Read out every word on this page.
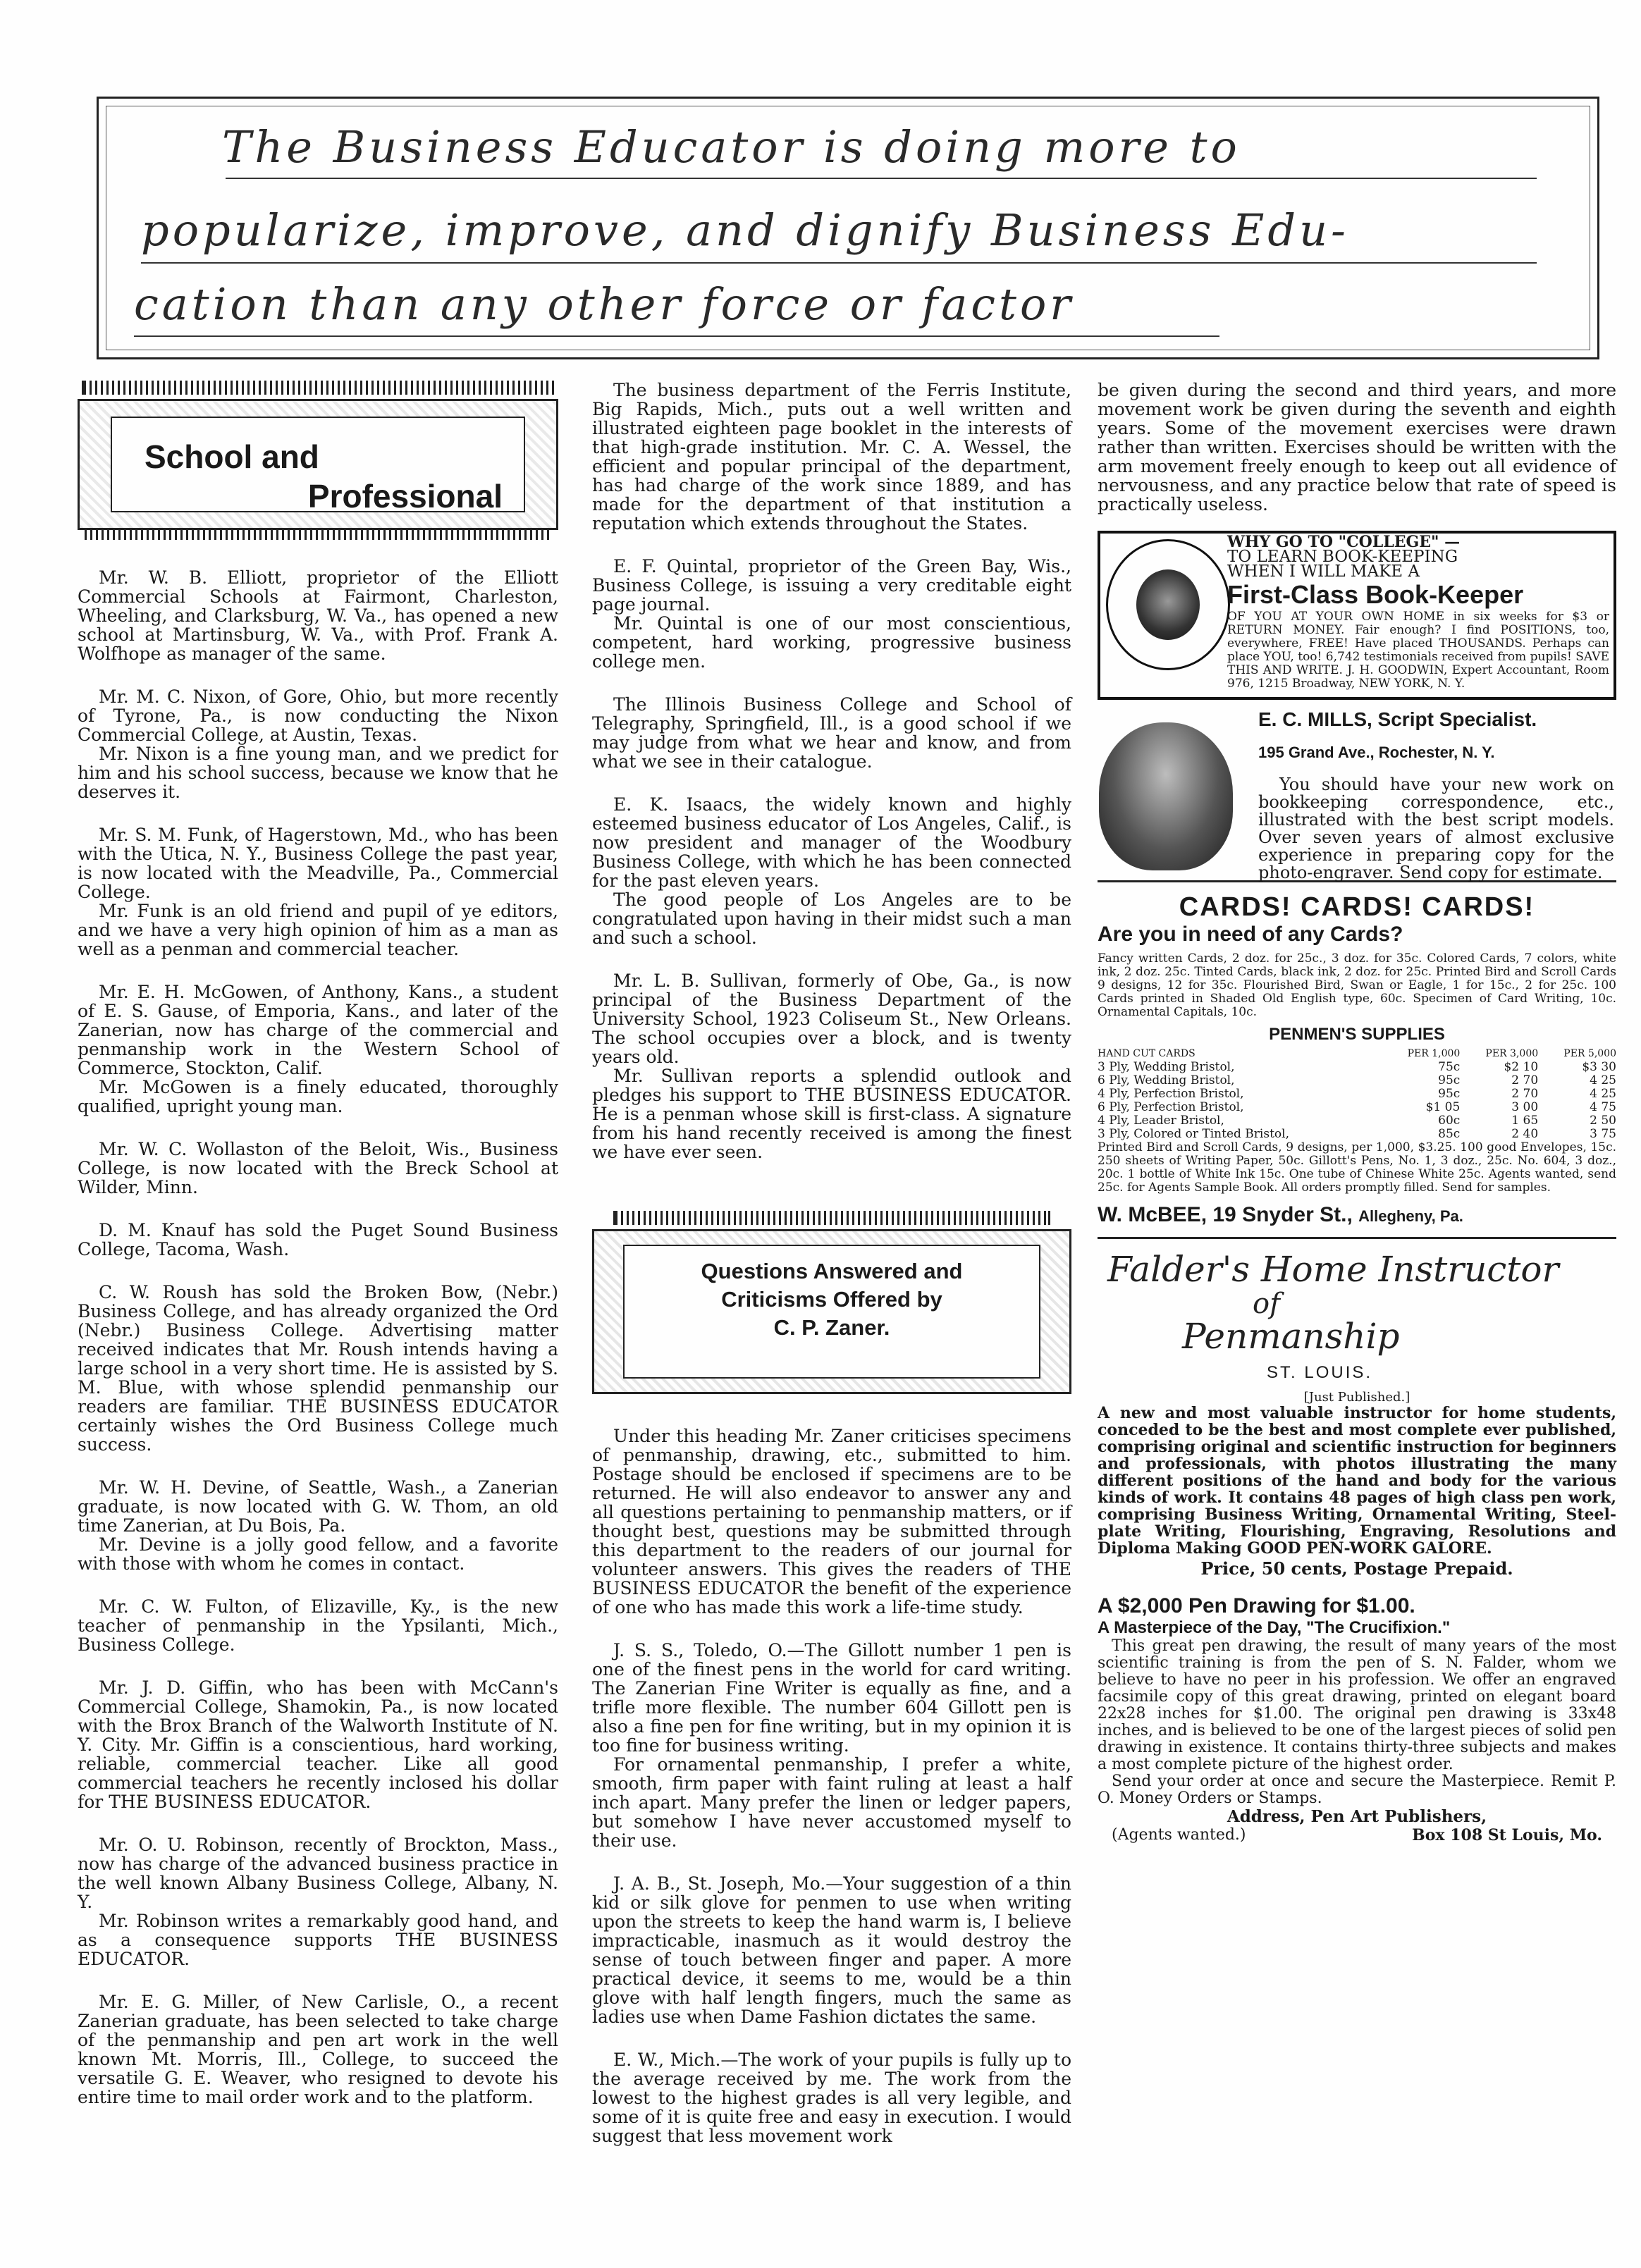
The Business Educator is doing more to
popularize, improve, and dignify Business Edu-
cation than any other force or factor
School and
Professional

Mr. W. B. Elliott, proprietor of the Elliott Commercial Schools at Fairmont, Charleston, Wheeling, and Clarksburg, W. Va., has opened a new school at Martinsburg, W. Va., with Prof. Frank A. Wolfhope as manager of the same.

Mr. M. C. Nixon, of Gore, Ohio, but more recently of Tyrone, Pa., is now conducting the Nixon Commercial College, at Austin, Texas.

Mr. Nixon is a fine young man, and we predict for him and his school success, because we know that he deserves it.

Mr. S. M. Funk, of Hagerstown, Md., who has been with the Utica, N. Y., Business College the past year, is now located with the Meadville, Pa., Commercial College.

Mr. Funk is an old friend and pupil of ye editors, and we have a very high opinion of him as a man as well as a penman and commercial teacher.

Mr. E. H. McGowen, of Anthony, Kans., a student of E. S. Gause, of Emporia, Kans., and later of the Zanerian, now has charge of the commercial and penmanship work in the Western School of Commerce, Stockton, Calif.

Mr. McGowen is a finely educated, thoroughly qualified, upright young man.

Mr. W. C. Wollaston of the Beloit, Wis., Business College, is now located with the Breck School at Wilder, Minn.

D. M. Knauf has sold the Puget Sound Business College, Tacoma, Wash.

C. W. Roush has sold the Broken Bow, (Nebr.) Business College, and has already organized the Ord (Nebr.) Business College. Advertising matter received indicates that Mr. Roush intends having a large school in a very short time. He is assisted by S. M. Blue, with whose splendid penmanship our readers are familiar. THE BUSINESS EDUCATOR certainly wishes the Ord Business College much success.

Mr. W. H. Devine, of Seattle, Wash., a Zanerian graduate, is now located with G. W. Thom, an old time Zanerian, at Du Bois, Pa.

Mr. Devine is a jolly good fellow, and a favorite with those with whom he comes in contact.

Mr. C. W. Fulton, of Elizaville, Ky., is the new teacher of penmanship in the Ypsilanti, Mich., Business College.

Mr. J. D. Giffin, who has been with McCann's Commercial College, Shamokin, Pa., is now located with the Brox Branch of the Walworth Institute of N. Y. City. Mr. Giffin is a conscientious, hard working, reliable, commercial teacher. Like all good commercial teachers he recently inclosed his dollar for THE BUSINESS EDUCATOR.

Mr. O. U. Robinson, recently of Brockton, Mass., now has charge of the advanced business practice in the well known Albany Business College, Albany, N. Y.

Mr. Robinson writes a remarkably good hand, and as a consequence supports THE BUSINESS EDUCATOR.

Mr. E. G. Miller, of New Carlisle, O., a recent Zanerian graduate, has been selected to take charge of the penmanship and pen art work in the well known Mt. Morris, Ill., College, to succeed the versatile G. E. Weaver, who resigned to devote his entire time to mail order work and to the platform.

The business department of the Ferris Institute, Big Rapids, Mich., puts out a well written and illustrated eighteen page booklet in the interests of that high-grade institution. Mr. C. A. Wessel, the efficient and popular principal of the department, has had charge of the work since 1889, and has made for the department of that institution a reputation which extends throughout the States.

E. F. Quintal, proprietor of the Green Bay, Wis., Business College, is issuing a very creditable eight page journal.

Mr. Quintal is one of our most conscientious, competent, hard working, progressive business college men.

The Illinois Business College and School of Telegraphy, Springfield, Ill., is a good school if we may judge from what we hear and know, and from what we see in their catalogue.

E. K. Isaacs, the widely known and highly esteemed business educator of Los Angeles, Calif., is now president and manager of the Woodbury Business College, with which he has been connected for the past eleven years.

The good people of Los Angeles are to be congratulated upon having in their midst such a man and such a school.

Mr. L. B. Sullivan, formerly of Obe, Ga., is now principal of the Business Department of the University School, 1923 Coliseum St., New Orleans. The school occupies over a block, and is twenty years old.

Mr. Sullivan reports a splendid outlook and pledges his support to THE BUSINESS EDUCATOR. He is a penman whose skill is first-class. A signature from his hand recently received is among the finest we have ever seen.

Questions Answered and
Criticisms Offered by
C. P. Zaner.

Under this heading Mr. Zaner criticises specimens of penmanship, drawing, etc., submitted to him. Postage should be enclosed if specimens are to be returned. He will also endeavor to answer any and all questions pertaining to penmanship matters, or if thought best, questions may be submitted through this department to the readers of our journal for volunteer answers. This gives the readers of THE BUSINESS EDUCATOR the benefit of the experience of one who has made this work a life-time study.

J. S. S., Toledo, O.—The Gillott number 1 pen is one of the finest pens in the world for card writing. The Zanerian Fine Writer is equally as fine, and a trifle more flexible. The number 604 Gillott pen is also a fine pen for fine writing, but in my opinion it is too fine for business writing.

For ornamental penmanship, I prefer a white, smooth, firm paper with faint ruling at least a half inch apart. Many prefer the linen or ledger papers, but somehow I have never accustomed myself to their use.

J. A. B., St. Joseph, Mo.—Your suggestion of a thin kid or silk glove for penmen to use when writing upon the streets to keep the hand warm is, I believe impracticable, inasmuch as it would destroy the sense of touch between finger and paper. A more practical device, it seems to me, would be a thin glove with half length fingers, much the same as ladies use when Dame Fashion dictates the same.

E. W., Mich.—The work of your pupils is fully up to the average received by me. The work from the lowest to the highest grades is all very legible, and some of it is quite free and easy in execution. I would suggest that less movement work

be given during the second and third years, and more movement work be given during the seventh and eighth years. Some of the movement exercises were drawn rather than written. Exercises should be written with the arm movement freely enough to keep out all evidence of nervousness, and any practice below that rate of speed is practically useless.

WHY GO TO "COLLEGE" —
TO LEARN BOOK-KEEPING
WHEN I WILL MAKE A
First-Class Book-Keeper
OF YOU AT YOUR OWN HOME in six weeks for $3 or RETURN MONEY. Fair enough? I find POSITIONS, too, everywhere, FREE! Have placed THOUSANDS. Perhaps can place YOU, too! 6,742 testimonials received from pupils! SAVE THIS AND WRITE. J. H. GOODWIN, Expert Accountant, Room 976, 1215 Broadway, NEW YORK, N. Y.
E. C. MILLS, Script Specialist.
195 Grand Ave., Rochester, N. Y.
You should have your new work on bookkeeping correspondence, etc., illustrated with the best script models. Over seven years of almost exclusive experience in preparing copy for the photo-engraver. Send copy for estimate.
CARDS! CARDS! CARDS!
Are you in need of any Cards?
Fancy written Cards, 2 doz. for 25c., 3 doz. for 35c. Colored Cards, 7 colors, white ink, 2 doz. 25c. Tinted Cards, black ink, 2 doz. for 25c. Printed Bird and Scroll Cards 9 designs, 12 for 35c. Flourished Bird, Swan or Eagle, 1 for 15c., 2 for 25c. 100 Cards printed in Shaded Old English type, 60c. Specimen of Card Writing, 10c. Ornamental Capitals, 10c.
PENMEN'S SUPPLIES
HAND CUT CARDS	PER 1,000	PER 3,000	PER 5,000
3 Ply, Wedding Bristol,	75c	$2 10	$3 30
6 Ply, Wedding Bristol,	95c	2 70	4 25
4 Ply, Perfection Bristol,	95c	2 70	4 25
6 Ply, Perfection Bristol,	$1 05	3 00	4 75
4 Ply, Leader Bristol,	60c	1 65	2 50
3 Ply, Colored or Tinted Bristol,	85c	2 40	3 75
Printed Bird and Scroll Cards, 9 designs, per 1,000, $3.25. 100 good Envelopes, 15c. 250 sheets of Writing Paper, 50c. Gillott's Pens, No. 1, 3 doz., 25c. No. 604, 3 doz., 20c. 1 bottle of White Ink 15c. One tube of Chinese White 25c. Agents wanted, send 25c. for Agents Sample Book. All orders promptly filled. Send for samples.
W. McBEE, 19 Snyder St., Allegheny, Pa.
Falder's Home Instructor
of
Penmanship
ST. LOUIS.
[Just Published.]
A new and most valuable instructor for home students, conceded to be the best and most complete ever published, comprising original and scientific instruction for beginners and professionals, with photos illustrating the many different positions of the hand and body for the various kinds of work. It contains 48 pages of high class pen work, comprising Business Writing, Ornamental Writing, Steel-plate Writing, Flourishing, Engraving, Resolutions and Diploma Making GOOD PEN-WORK GALORE.
Price, 50 cents, Postage Prepaid.
A $2,000 Pen Drawing for $1.00.
A Masterpiece of the Day, "The Crucifixion."
This great pen drawing, the result of many years of the most scientific training is from the pen of S. N. Falder, whom we believe to have no peer in his profession. We offer an engraved facsimile copy of this great drawing, printed on elegant board 22x28 inches for $1.00. The original pen drawing is 33x48 inches, and is believed to be one of the largest pieces of solid pen drawing in existence. It contains thirty-three subjects and makes a most complete picture of the highest order.
Send your order at once and secure the Masterpiece. Remit P. O. Money Orders or Stamps.
Address, Pen Art Publishers,
(Agents wanted.)	Box 108 St Louis, Mo.
